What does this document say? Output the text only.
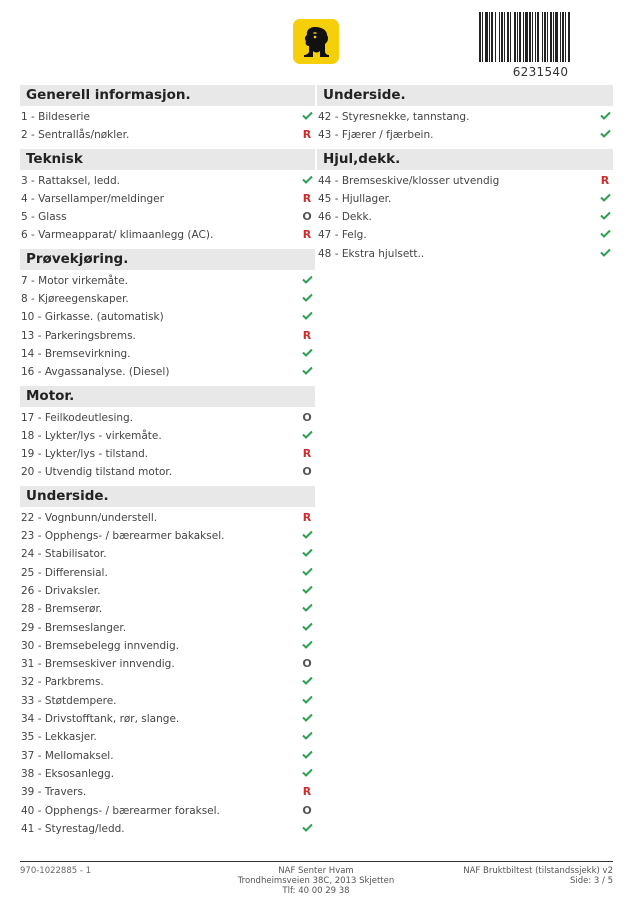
6231540
Generell informasjon.
1 - Bildeserie
2 - Sentrallås/nøkler.	R
Teknisk
3 - Rattaksel, ledd.
4 - Varsellamper/meldinger	R
5 - Glass	O
6 - Varmeapparat/ klimaanlegg (AC).	R
Prøvekjøring.
7 - Motor virkemåte.
8 - Kjøreegenskaper.
10 - Girkasse. (automatisk)
13 - Parkeringsbrems.	R
14 - Bremsevirkning.
16 - Avgassanalyse. (Diesel)
Motor.
17 - Feilkodeutlesing.	O
18 - Lykter/lys - virkemåte.
19 - Lykter/lys - tilstand.	R
20 - Utvendig tilstand motor.	O
Underside.
22 - Vognbunn/understell.	R
23 - Opphengs- / bærearmer bakaksel.
24 - Stabilisator.
25 - Differensial.
26 - Drivaksler.
28 - Bremserør.
29 - Bremseslanger.
30 - Bremsebelegg innvendig.
31 - Bremseskiver innvendig.	O
32 - Parkbrems.
33 - Støtdempere.
34 - Drivstofftank, rør, slange.
35 - Lekkasjer.
37 - Mellomaksel.
38 - Eksosanlegg.
39 - Travers.	R
40 - Opphengs- / bærearmer foraksel.	O
41 - Styrestag/ledd.
Underside.
42 - Styresnekke, tannstang.
43 - Fjærer / fjærbein.
Hjul,dekk.
44 - Bremseskive/klosser utvendig	R
45 - Hjullager.
46 - Dekk.
47 - Felg.
48 - Ekstra hjulsett..
970-1022885 - 1	NAF Senter Hvam
Trondheimsveien 38C, 2013 Skjetten
Tlf: 40 00 29 38
NAF Bruktbiltest (tilstandssjekk) v2
Side: 3 / 5
